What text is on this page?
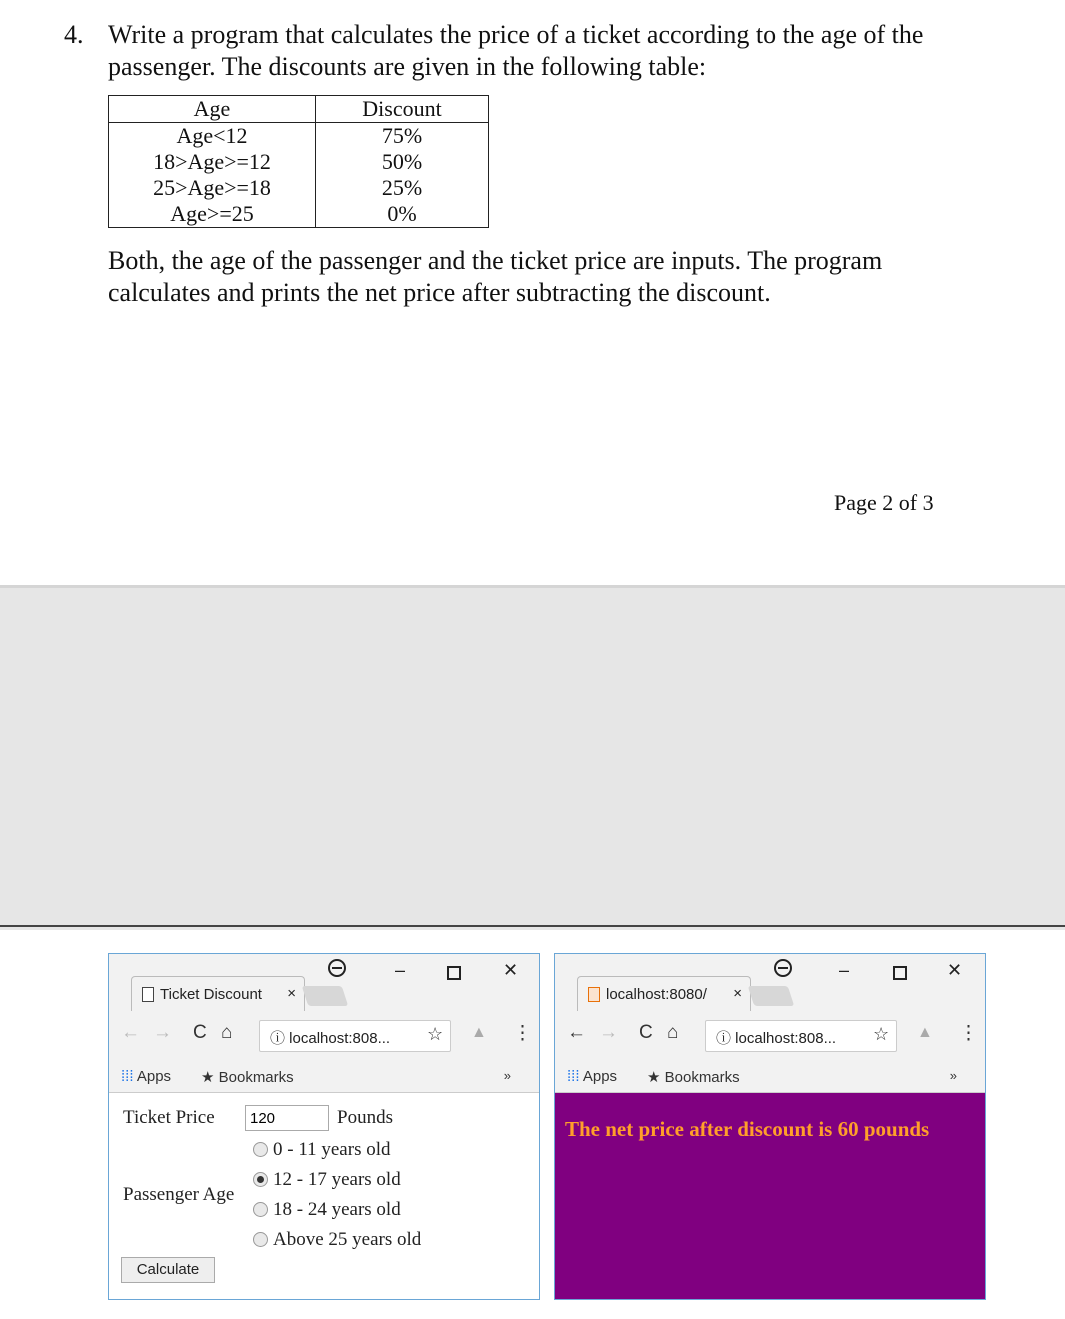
4. Write a program that calculates the price of a ticket according to the age of the
passenger. The discounts are given in the following table:
Age	Discount
Age<12	75%
18>Age>=12	50%
25>Age>=18	25%
Age>=25	0%
Both, the age of the passenger and the ticket price are inputs. The program
calculates and prints the net price after subtracting the discount.
Page 2 of 3
Ticket Discount ×
–	✕
← → C ⌂	ⓘ localhost:808... ☆ ▲ ⋮
⁞⁞⁞ Apps ★ Bookmarks	»
Ticket Price
120	Pounds
Passenger Age
0 - 11 years old
12 - 17 years old
18 - 24 years old
Above 25 years old
Calculate
localhost:8080/ ×
–	✕
← → C ⌂	ⓘ localhost:808... ☆ ▲ ⋮
⁞⁞⁞ Apps ★ Bookmarks	»
The net price after discount is 60 pounds
